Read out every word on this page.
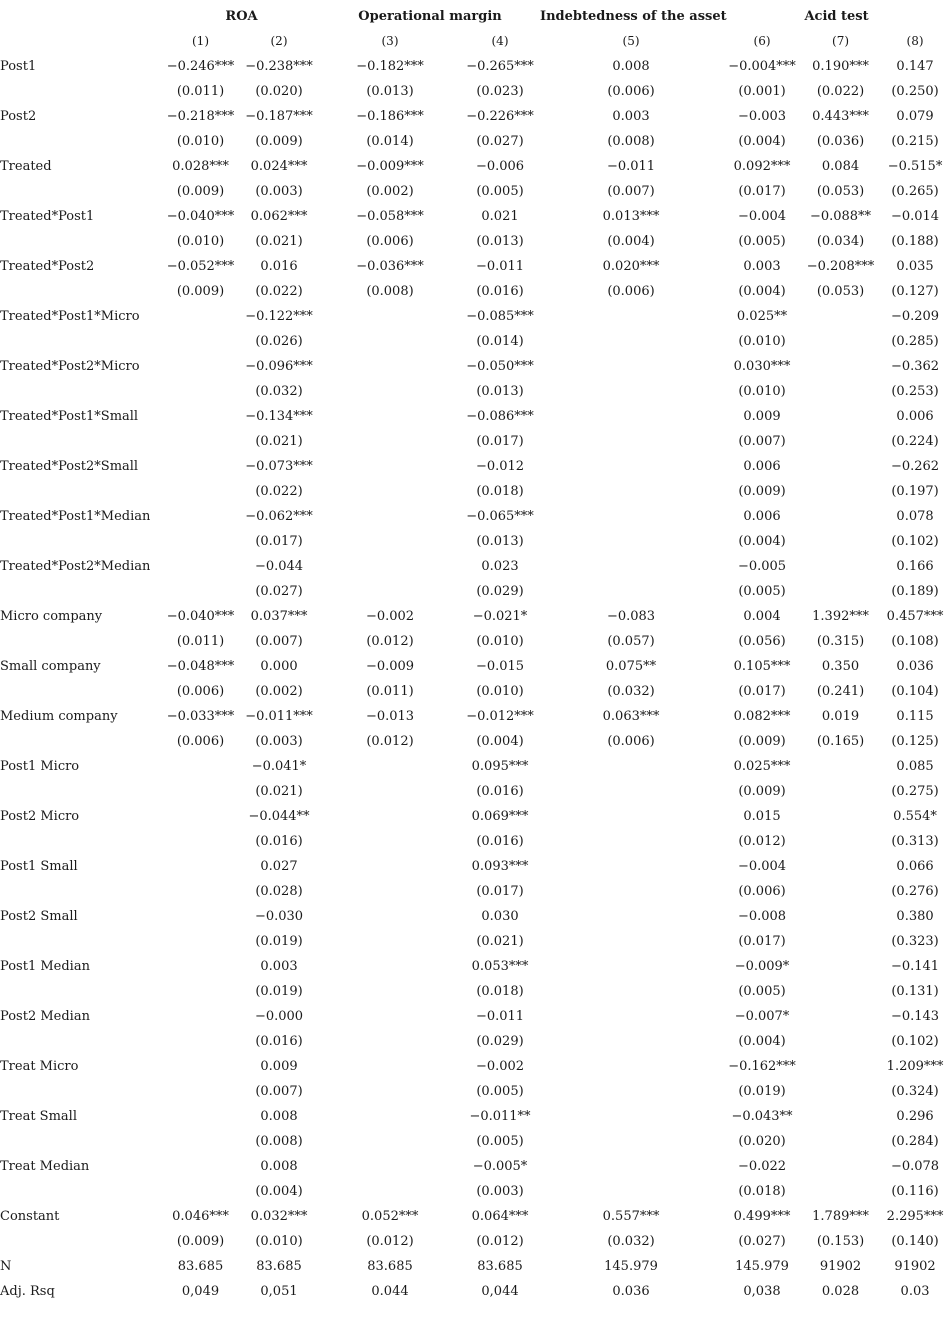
	ROA		Operational margin		Indebtedness of the asset	Acid test		
	(1)	(2)	(3)	(4)	(5)	(6)	(7)	(8)
Post1	−0.246***	−0.238***	−0.182***	−0.265***	0.008	−0.004***	0.190***	0.147
	(0.011)	(0.020)	(0.013)	(0.023)	(0.006)	(0.001)	(0.022)	(0.250)
Post2	−0.218***	−0.187***	−0.186***	−0.226***	0.003	−0.003	0.443***	0.079
	(0.010)	(0.009)	(0.014)	(0.027)	(0.008)	(0.004)	(0.036)	(0.215)
Treated	0.028***	0.024***	−0.009***	−0.006	−0.011	0.092***	0.084	−0.515*
	(0.009)	(0.003)	(0.002)	(0.005)	(0.007)	(0.017)	(0.053)	(0.265)
Treated*Post1	−0.040***	0.062***	−0.058***	0.021	0.013***	−0.004	−0.088**	−0.014
	(0.010)	(0.021)	(0.006)	(0.013)	(0.004)	(0.005)	(0.034)	(0.188)
Treated*Post2	−0.052***	0.016	−0.036***	−0.011	0.020***	0.003	−0.208***	0.035
	(0.009)	(0.022)	(0.008)	(0.016)	(0.006)	(0.004)	(0.053)	(0.127)
Treated*Post1*Micro		−0.122***		−0.085***		0.025**		−0.209
		(0.026)		(0.014)		(0.010)		(0.285)
Treated*Post2*Micro		−0.096***		−0.050***		0.030***		−0.362
		(0.032)		(0.013)		(0.010)		(0.253)
Treated*Post1*Small		−0.134***		−0.086***		0.009		0.006
		(0.021)		(0.017)		(0.007)		(0.224)
Treated*Post2*Small		−0.073***		−0.012		0.006		−0.262
		(0.022)		(0.018)		(0.009)		(0.197)
Treated*Post1*Median		−0.062***		−0.065***		0.006		0.078
		(0.017)		(0.013)		(0.004)		(0.102)
Treated*Post2*Median		−0.044		0.023		−0.005		0.166
		(0.027)		(0.029)		(0.005)		(0.189)
Micro company	−0.040***	0.037***	−0.002	−0.021*	−0.083	0.004	1.392***	0.457***
	(0.011)	(0.007)	(0.012)	(0.010)	(0.057)	(0.056)	(0.315)	(0.108)
Small company	−0.048***	0.000	−0.009	−0.015	0.075**	0.105***	0.350	0.036
	(0.006)	(0.002)	(0.011)	(0.010)	(0.032)	(0.017)	(0.241)	(0.104)
Medium company	−0.033***	−0.011***	−0.013	−0.012***	0.063***	0.082***	0.019	0.115
	(0.006)	(0.003)	(0.012)	(0.004)	(0.006)	(0.009)	(0.165)	(0.125)
Post1 Micro		−0.041*		0.095***		0.025***		0.085
		(0.021)		(0.016)		(0.009)		(0.275)
Post2 Micro		−0.044**		0.069***		0.015		0.554*
		(0.016)		(0.016)		(0.012)		(0.313)
Post1 Small		0.027		0.093***		−0.004		0.066
		(0.028)		(0.017)		(0.006)		(0.276)
Post2 Small		−0.030		0.030		−0.008		0.380
		(0.019)		(0.021)		(0.017)		(0.323)
Post1 Median		0.003		0.053***		−0.009*		−0.141
		(0.019)		(0.018)		(0.005)		(0.131)
Post2 Median		−0.000		−0.011		−0.007*		−0.143
		(0.016)		(0.029)		(0.004)		(0.102)
Treat Micro		0.009		−0.002		−0.162***		1.209***
		(0.007)		(0.005)		(0.019)		(0.324)
Treat Small		0.008		−0.011**		−0.043**		0.296
		(0.008)		(0.005)		(0.020)		(0.284)
Treat Median		0.008		−0.005*		−0.022		−0.078
		(0.004)		(0.003)		(0.018)		(0.116)
Constant	0.046***	0.032***	0.052***	0.064***	0.557***	0.499***	1.789***	2.295***
	(0.009)	(0.010)	(0.012)	(0.012)	(0.032)	(0.027)	(0.153)	(0.140)
N	83.685	83.685	83.685	83.685	145.979	145.979	91902	91902
Adj. Rsq	0,049	0,051	0.044	0,044	0.036	0,038	0.028	0.03
